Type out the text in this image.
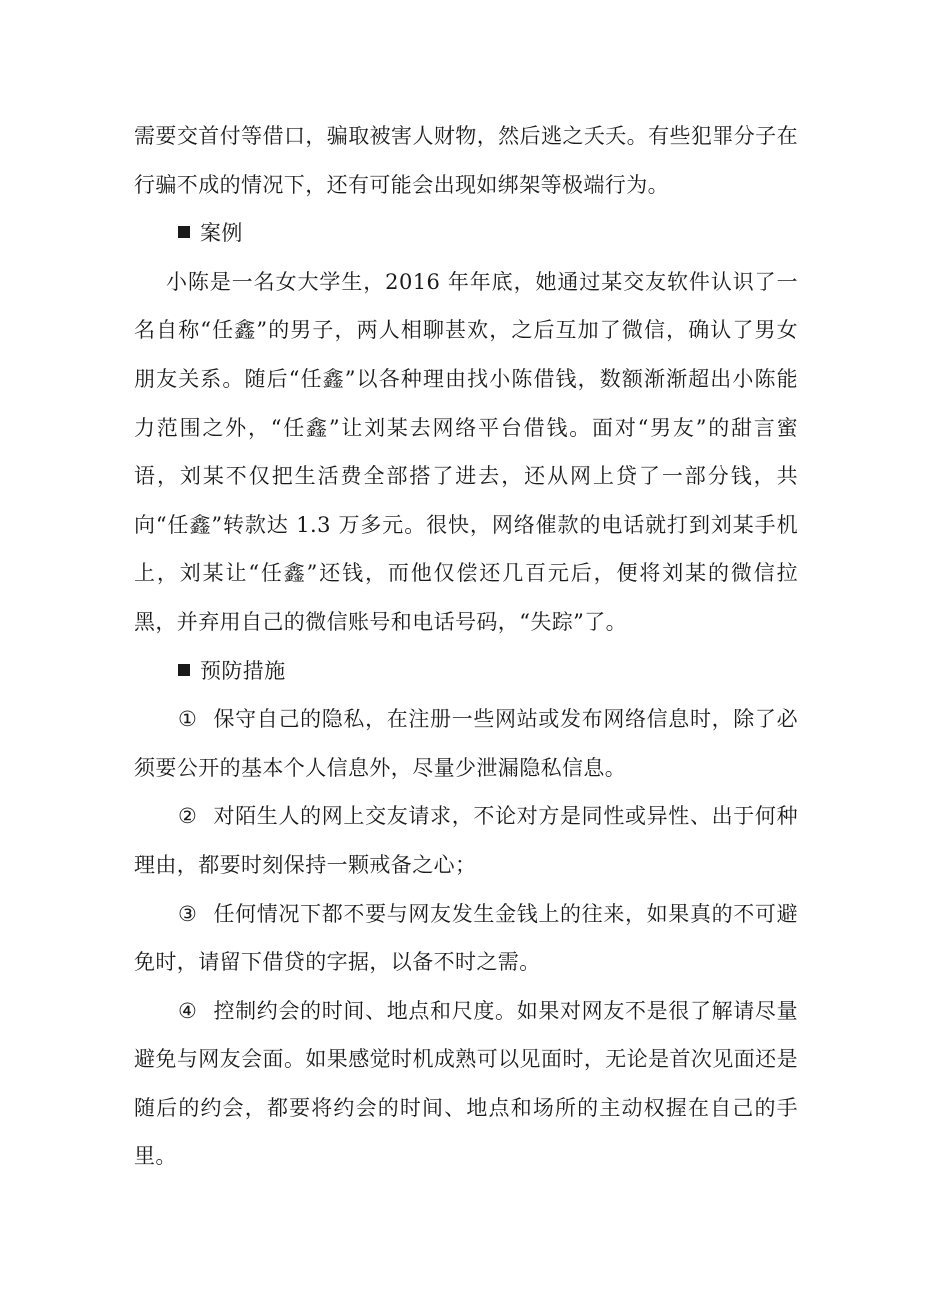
需要交首付等借口，骗取被害人财物，然后逃之夭夭。有些犯罪分子在行骗不成的情况下，还有可能会出现如绑架等极端行为。

案例

小陈是一名女大学生，2016 年年底，她通过某交友软件认识了一名自称“任鑫”的男子，两人相聊甚欢，之后互加了微信，确认了男女朋友关系。随后“任鑫”以各种理由找小陈借钱，数额渐渐超出小陈能力范围之外，“任鑫”让刘某去网络平台借钱。面对“男友”的甜言蜜语，刘某不仅把生活费全部搭了进去，还从网上贷了一部分钱，共向“任鑫”转款达 1.3 万多元。很快，网络催款的电话就打到刘某手机上，刘某让“任鑫”还钱，而他仅偿还几百元后，便将刘某的微信拉黑，并弃用自己的微信账号和电话号码，“失踪”了。

预防措施

① 保守自己的隐私，在注册一些网站或发布网络信息时，除了必须要公开的基本个人信息外，尽量少泄漏隐私信息。

② 对陌生人的网上交友请求，不论对方是同性或异性、出于何种理由，都要时刻保持一颗戒备之心；

③ 任何情况下都不要与网友发生金钱上的往来，如果真的不可避免时，请留下借贷的字据，以备不时之需。

④ 控制约会的时间、地点和尺度。如果对网友不是很了解请尽量避免与网友会面。如果感觉时机成熟可以见面时，无论是首次见面还是随后的约会，都要将约会的时间、地点和场所的主动权握在自己的手里。
